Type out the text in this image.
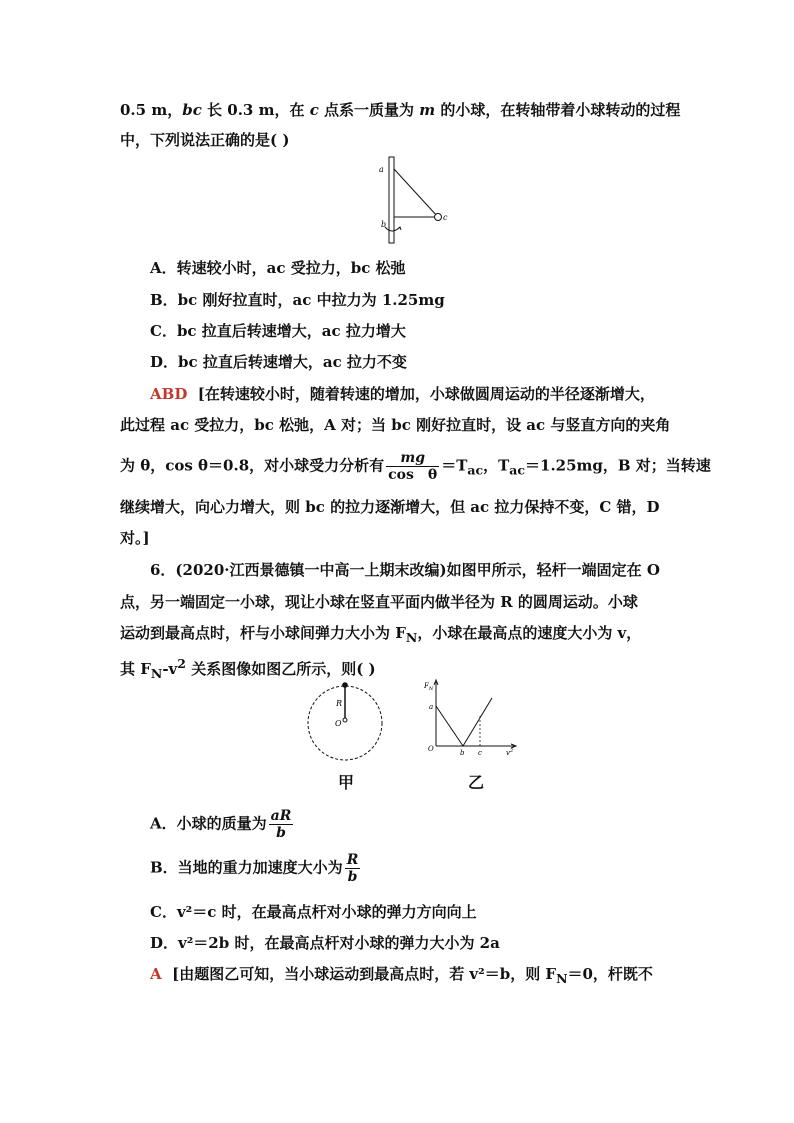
0.5 m，bc 长 0.3 m，在 c 点系一质量为 m 的小球，在转轴带着小球转动的过程
中，下列说法正确的是( )
a
b
c
A．转速较小时，ac 受拉力，bc 松弛
B．bc 刚好拉直时，ac 中拉力为 1.25mg
C．bc 拉直后转速增大，ac 拉力增大
D．bc 拉直后转速增大，ac 拉力不变
ABD [在转速较小时，随着转速的增加，小球做圆周运动的半径逐渐增大，
此过程 ac 受拉力，bc 松弛，A 对；当 bc 刚好拉直时，设 ac 与竖直方向的夹角
为 θ，cos θ＝0.8，对小球受力分析有 $\frac{mg}{\text{cos　θ}} =T_{ac}$，$T_{ac}=1.25mg$，B 对；当转速
继续增大，向心力增大，则 bc 的拉力逐渐增大，但 ac 拉力保持不变，C 错，D
对。]
6．(2020·江西景德镇一中高一上期末改编)如图甲所示，轻杆一端固定在 O
点，另一端固定一小球，现让小球在竖直平面内做半径为 R 的圆周运动。小球
运动到最高点时，杆与小球间弹力大小为 $F_N$，小球在最高点的速度大小为 v，
其 $F_N-v^2$ 关系图像如图乙所示，则( )
R
O
$F_N$
a
O	b c	$v^2$
甲	乙
A．小球的质量为 $\frac{aR}{b}$
B．当地的重力加速度大小为 $\frac{R}{b}$
C．v²＝c 时，在最高点杆对小球的弹力方向向上
D．v²＝2b 时，在最高点杆对小球的弹力大小为 2a
A [由题图乙可知，当小球运动到最高点时，若 v²＝b，则 $F_N=0$，杆既不
